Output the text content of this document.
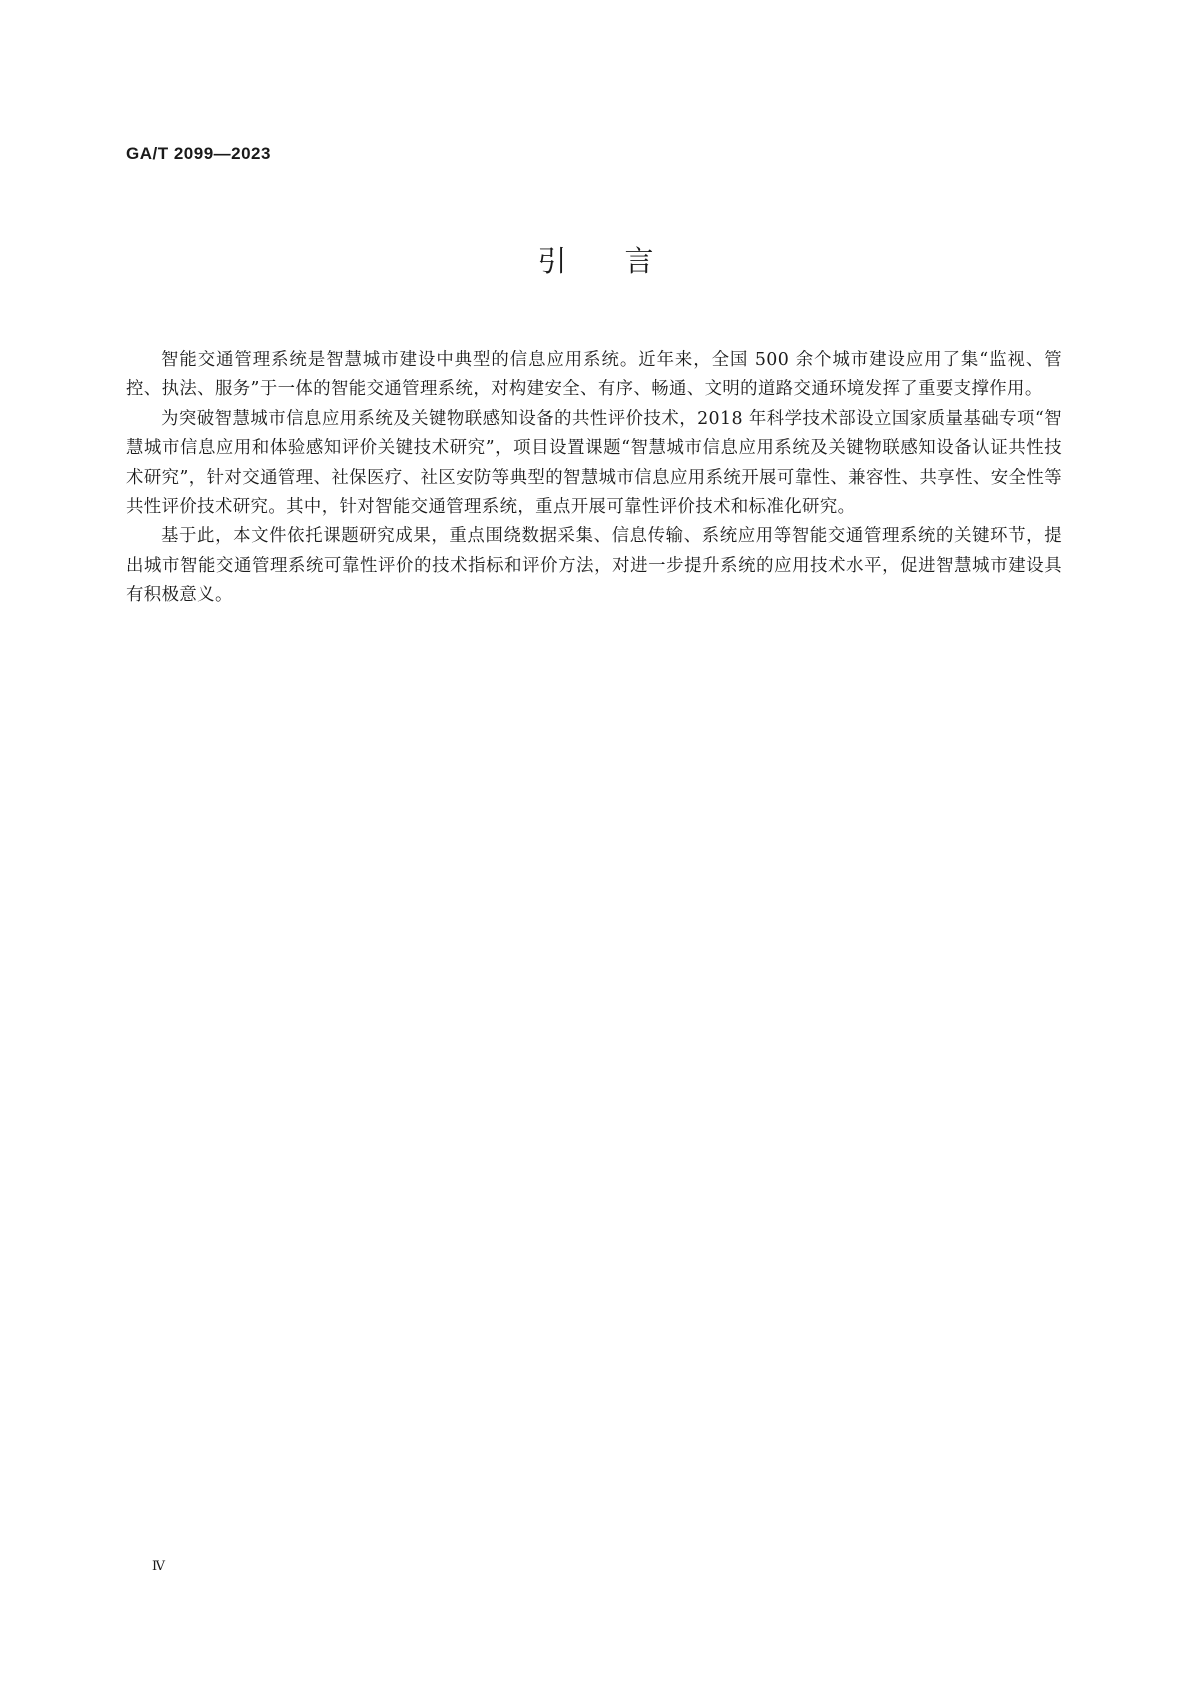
GA/T 2099—2023
引言

智能交通管理系统是智慧城市建设中典型的信息应用系统。近年来，全国 500 余个城市建设应用了集“监视、管控、执法、服务”于一体的智能交通管理系统，对构建安全、有序、畅通、文明的道路交通环境发挥了重要支撑作用。

为突破智慧城市信息应用系统及关键物联感知设备的共性评价技术，2018 年科学技术部设立国家质量基础专项“智慧城市信息应用和体验感知评价关键技术研究”，项目设置课题“智慧城市信息应用系统及关键物联感知设备认证共性技术研究”，针对交通管理、社保医疗、社区安防等典型的智慧城市信息应用系统开展可靠性、兼容性、共享性、安全性等共性评价技术研究。其中，针对智能交通管理系统，重点开展可靠性评价技术和标准化研究。

基于此，本文件依托课题研究成果，重点围绕数据采集、信息传输、系统应用等智能交通管理系统的关键环节，提出城市智能交通管理系统可靠性评价的技术指标和评价方法，对进一步提升系统的应用技术水平，促进智慧城市建设具有积极意义。

Ⅳ
